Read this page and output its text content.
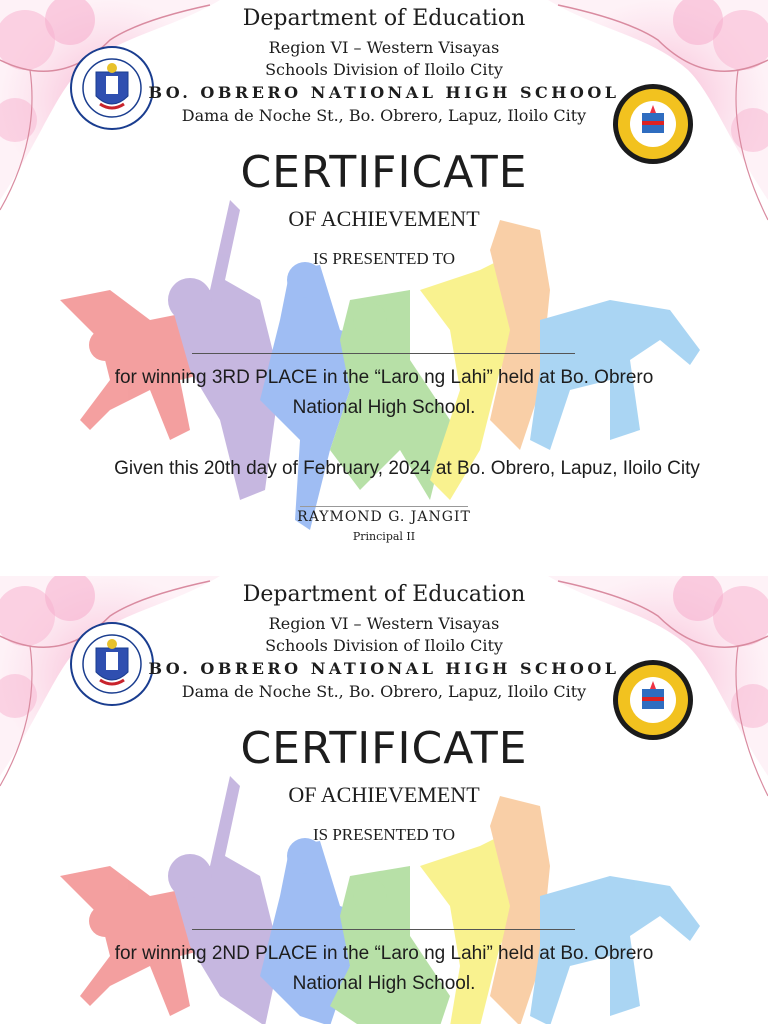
Department of Education
Region VI – Western Visayas
Schools Division of Iloilo City
BO. OBRERO NATIONAL HIGH SCHOOL
Dama de Noche St., Bo. Obrero, Lapuz, Iloilo City
CERTIFICATE
OF ACHIEVEMENT
IS PRESENTED TO
for winning 3RD PLACE in the “Laro ng Lahi” held at Bo. Obrero
National High School.
Given this 20th day of February, 2024 at Bo. Obrero, Lapuz, Iloilo City
RAYMOND G. JANGIT
Principal II
Department of Education
Region VI – Western Visayas
Schools Division of Iloilo City
BO. OBRERO NATIONAL HIGH SCHOOL
Dama de Noche St., Bo. Obrero, Lapuz, Iloilo City
CERTIFICATE
OF ACHIEVEMENT
IS PRESENTED TO
for winning 2ND PLACE in the “Laro ng Lahi” held at Bo. Obrero
National High School.
